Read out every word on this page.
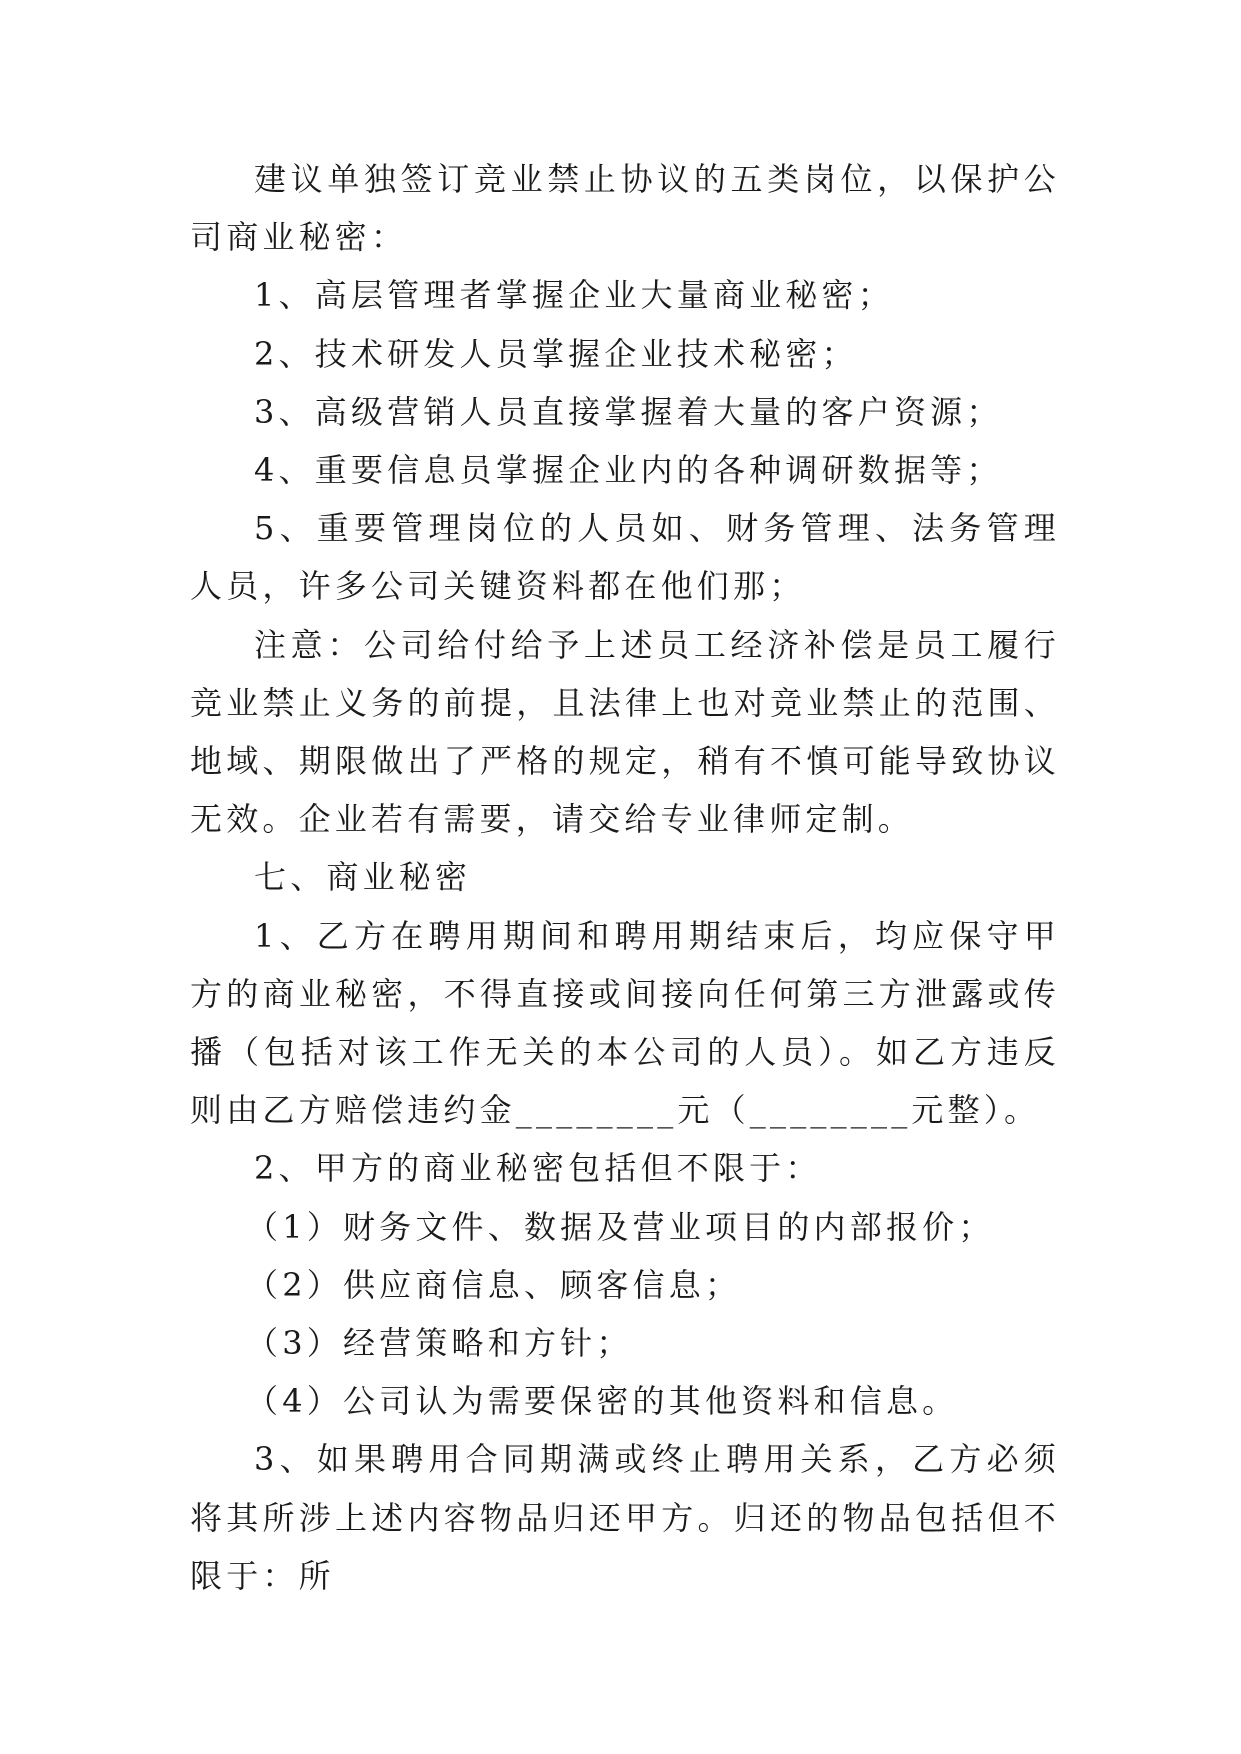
建议单独签订竞业禁止协议的五类岗位，以保护公司商业秘密：

1、高层管理者掌握企业大量商业秘密；

2、技术研发人员掌握企业技术秘密；

3、高级营销人员直接掌握着大量的客户资源；

4、重要信息员掌握企业内的各种调研数据等；

5、重要管理岗位的人员如、财务管理、法务管理人员，许多公司关键资料都在他们那；

注意：公司给付给予上述员工经济补偿是员工履行竞业禁止义务的前提，且法律上也对竞业禁止的范围、地域、期限做出了严格的规定，稍有不慎可能导致协议无效。企业若有需要，请交给专业律师定制。

七、商业秘密

1、乙方在聘用期间和聘用期结束后，均应保守甲方的商业秘密，不得直接或间接向任何第三方泄露或传播（包括对该工作无关的本公司的人员）。如乙方违反则由乙方赔偿违约金________元（________元整）。

2、甲方的商业秘密包括但不限于：

（1）财务文件、数据及营业项目的内部报价；

（2）供应商信息、顾客信息；

（3）经营策略和方针；

（4）公司认为需要保密的其他资料和信息。

3、如果聘用合同期满或终止聘用关系，乙方必须将其所涉上述内容物品归还甲方。归还的物品包括但不限于：所
